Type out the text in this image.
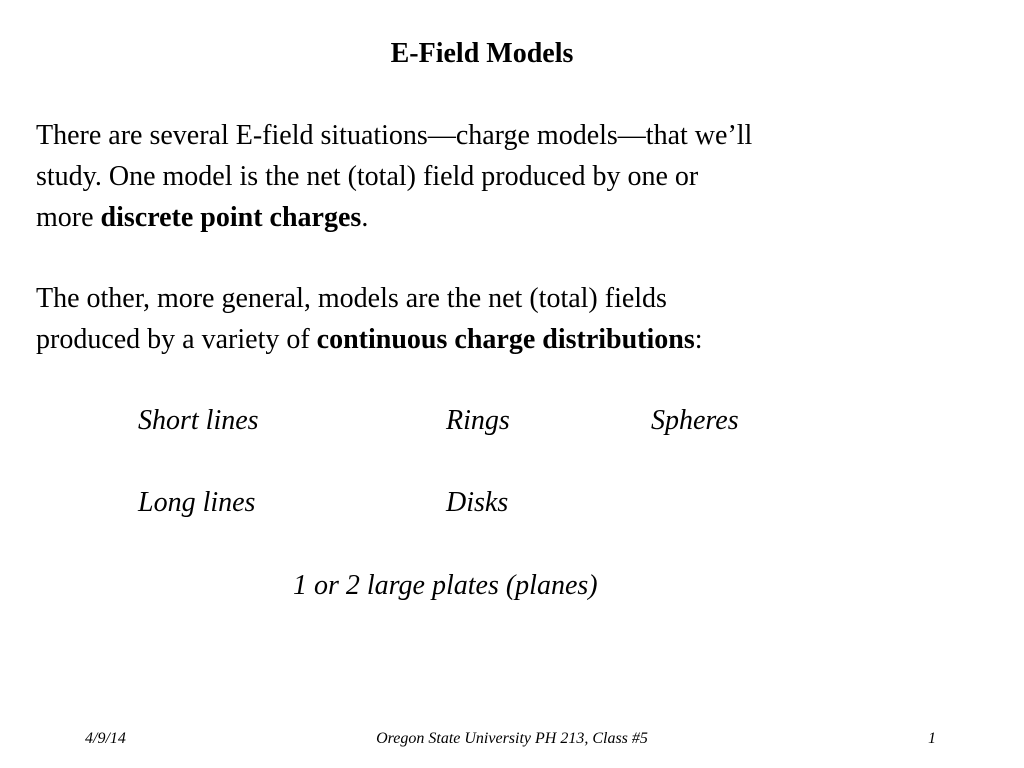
E-Field Models
There are several E-field situations—charge models—that we’ll
study. One model is the net (total) field produced by one or
more discrete point charges.
The other, more general, models are the net (total) fields
produced by a variety of continuous charge distributions:
Short lines	Rings	Spheres
Long lines	Disks
1 or 2 large plates (planes)
4/9/14	Oregon State University PH 213, Class #5	1
